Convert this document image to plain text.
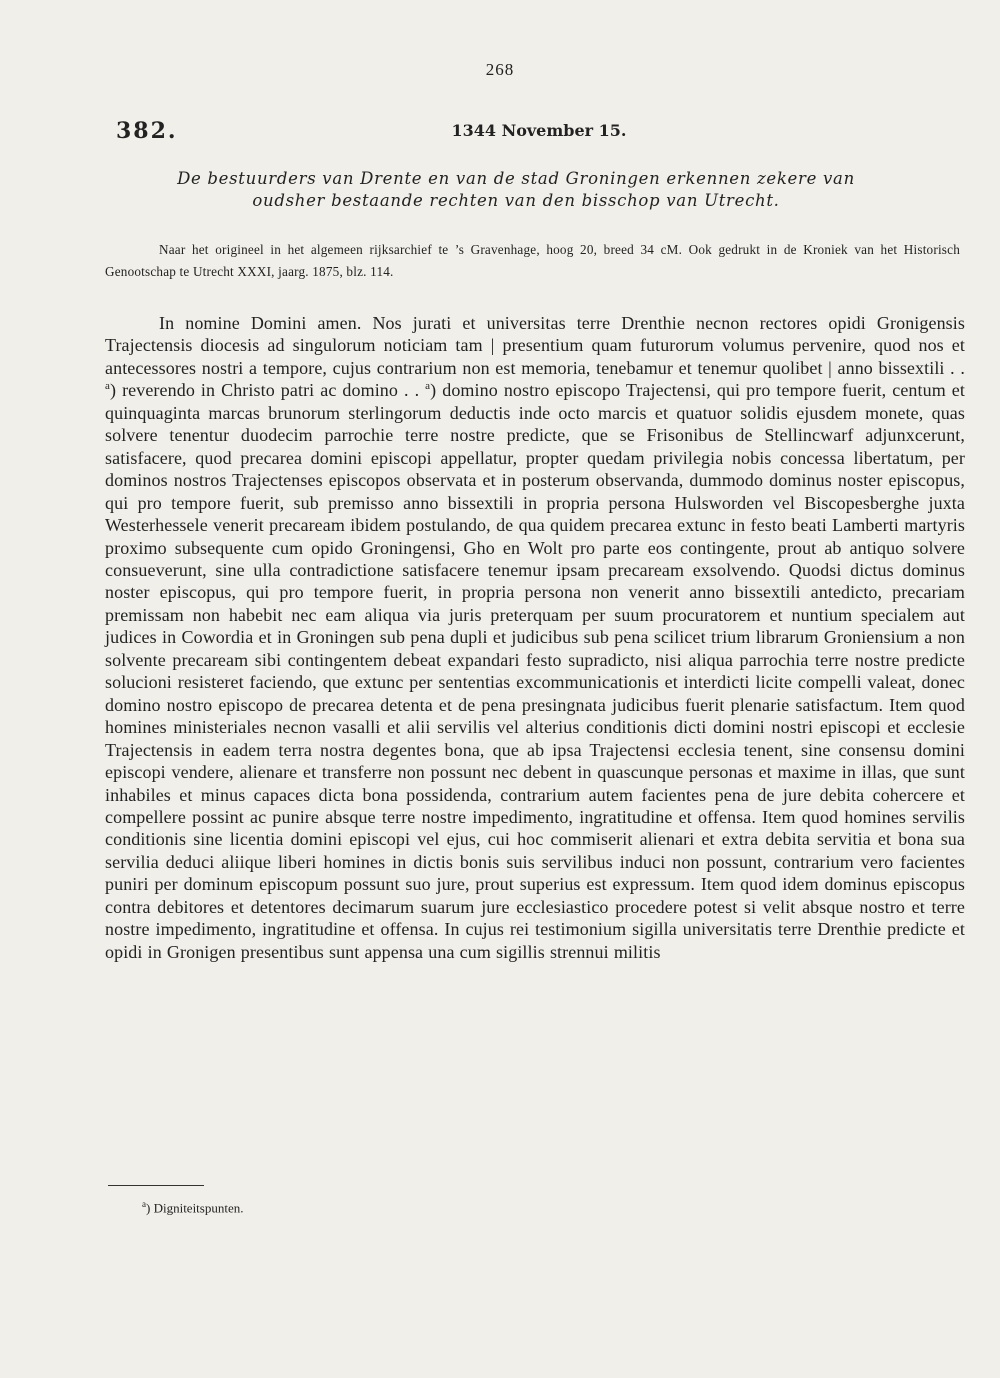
268
382.	1344 November 15.
De bestuurders van Drente en van de stad Groningen erkennen zekere van oudsher bestaande rechten van den bisschop van Utrecht.
Naar het origineel in het algemeen rijksarchief te ’s Gravenhage, hoog 20, breed 34 cM. Ook gedrukt in de Kroniek van het Historisch Genootschap te Utrecht XXXI, jaarg. 1875, blz. 114.

In nomine Domini amen. Nos jurati et universitas terre Drenthie necnon rectores opidi Gronigensis Trajectensis diocesis ad singulorum noticiam tam | presentium quam futurorum volumus pervenire, quod nos et antecessores nostri a tempore, cujus contrarium non est memoria, tenebamur et tenemur quolibet | anno bissextili . . $^a$) reverendo in Christo patri ac domino . . $^a$) domino nostro episcopo Trajectensi, qui pro tempore fuerit, centum et quinquaginta marcas brunorum sterlingorum deductis inde octo marcis et quatuor solidis ejusdem monete, quas solvere tenentur duodecim parrochie terre nostre predicte, que se Frisonibus de Stellincwarf adjunxcerunt, satisfacere, quod precarea domini episcopi appellatur, propter quedam privilegia nobis concessa libertatum, per dominos nostros Trajectenses episcopos observata et in posterum observanda, dummodo dominus noster episcopus, qui pro tempore fuerit, sub premisso anno bissextili in propria persona Hulsworden vel Biscopesberghe juxta Westerhessele venerit precaream ibidem postulando, de qua quidem precarea extunc in festo beati Lamberti martyris proximo subsequente cum opido Groningensi, Gho en Wolt pro parte eos contingente, prout ab antiquo solvere consueverunt, sine ulla contradictione satisfacere tenemur ipsam precaream exsolvendo. Quodsi dictus dominus noster episcopus, qui pro tempore fuerit, in propria persona non venerit anno bissextili antedicto, precariam premissam non habebit nec eam aliqua via juris preterquam per suum procuratorem et nuntium specialem aut judices in Cowordia et in Groningen sub pena dupli et judicibus sub pena scilicet trium librarum Groniensium a non solvente precaream sibi contingentem debeat expandari festo supradicto, nisi aliqua parrochia terre nostre predicte solucioni resisteret faciendo, que extunc per sententias excommunicationis et interdicti licite compelli valeat, donec domino nostro episcopo de precarea detenta et de pena presingnata judicibus fuerit plenarie satisfactum. Item quod homines ministeriales necnon vasalli et alii servilis vel alterius conditionis dicti domini nostri episcopi et ecclesie Trajectensis in eadem terra nostra degentes bona, que ab ipsa Trajectensi ecclesia tenent, sine consensu domini episcopi vendere, alienare et transferre non possunt nec debent in quascunque personas et maxime in illas, que sunt inhabiles et minus capaces dicta bona possidenda, contrarium autem facientes pena de jure debita cohercere et compellere possint ac punire absque terre nostre impedimento, ingratitudine et offensa. Item quod homines servilis conditionis sine licentia domini episcopi vel ejus, cui hoc commiserit alienari et extra debita servitia et bona sua servilia deduci aliique liberi homines in dictis bonis suis servilibus induci non possunt, contrarium vero facientes puniri per dominum episcopum possunt suo jure, prout superius est expressum. Item quod idem dominus episcopus contra debitores et detentores decimarum suarum jure ecclesiastico procedere potest si velit absque nostro et terre nostre impedimento, ingratitudine et offensa. In cujus rei testimonium sigilla universitatis terre Drenthie predicte et opidi in Gronigen presentibus sunt appensa una cum sigillis strennui militis

$^a$) Digniteitspunten.
